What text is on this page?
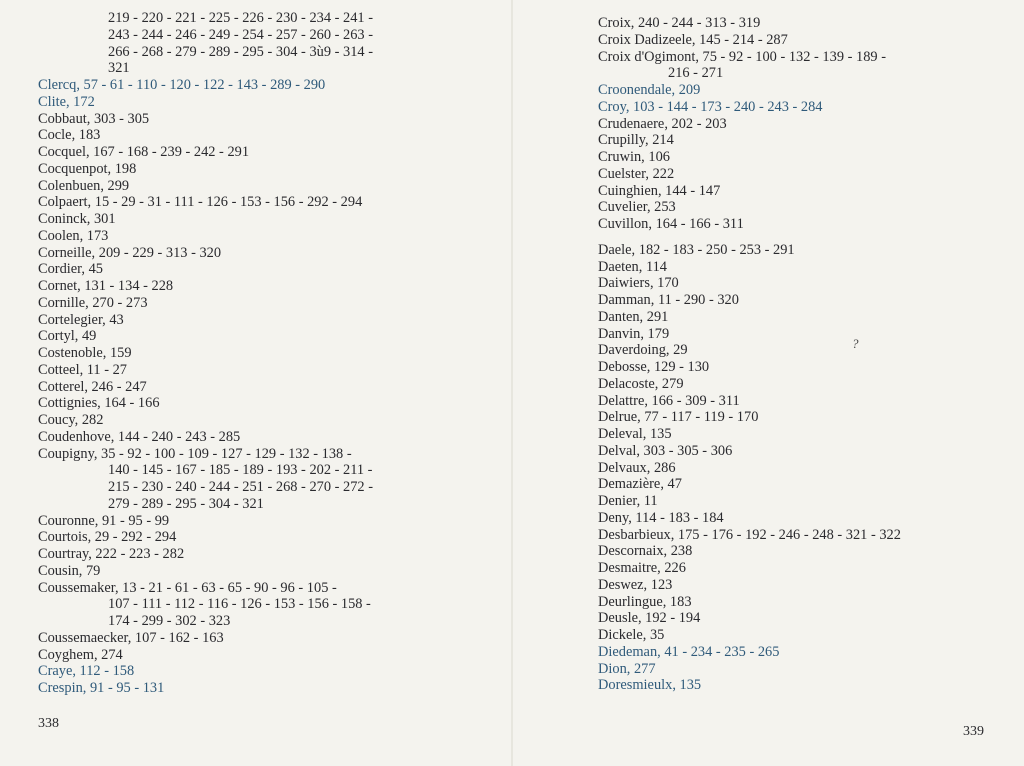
219 - 220 - 221 - 225 - 226 - 230 - 234 - 241 -
243 - 244 - 246 - 249 - 254 - 257 - 260 - 263 -
266 - 268 - 279 - 289 - 295 - 304 - 3ù9 - 314 -
321
Clercq, 57 - 61 - 110 - 120 - 122 - 143 - 289 - 290
Clite, 172
Cobbaut, 303 - 305
Cocle, 183
Cocquel, 167 - 168 - 239 - 242 - 291
Cocquenpot, 198
Colenbuen, 299
Colpaert, 15 - 29 - 31 - 111 - 126 - 153 - 156 - 292 - 294
Coninck, 301
Coolen, 173
Corneille, 209 - 229 - 313 - 320
Cordier, 45
Cornet, 131 - 134 - 228
Cornille, 270 - 273
Cortelegier, 43
Cortyl, 49
Costenoble, 159
Cotteel, 11 - 27
Cotterel, 246 - 247
Cottignies, 164 - 166
Coucy, 282
Coudenhove, 144 - 240 - 243 - 285
Coupigny, 35 - 92 - 100 - 109 - 127 - 129 - 132 - 138 -
140 - 145 - 167 - 185 - 189 - 193 - 202 - 211 -
215 - 230 - 240 - 244 - 251 - 268 - 270 - 272 -
279 - 289 - 295 - 304 - 321
Couronne, 91 - 95 - 99
Courtois, 29 - 292 - 294
Courtray, 222 - 223 - 282
Cousin, 79
Coussemaker, 13 - 21 - 61 - 63 - 65 - 90 - 96 - 105 -
107 - 111 - 112 - 116 - 126 - 153 - 156 - 158 -
174 - 299 - 302 - 323
Coussemaecker, 107 - 162 - 163
Coyghem, 274
Craye, 112 - 158
Crespin, 91 - 95 - 131
338
Croix, 240 - 244 - 313 - 319
Croix Dadizeele, 145 - 214 - 287
Croix d'Ogimont, 75 - 92 - 100 - 132 - 139 - 189 -
216 - 271
Croonendale, 209
Croy, 103 - 144 - 173 - 240 - 243 - 284
Crudenaere, 202 - 203
Crupilly, 214
Cruwin, 106
Cuelster, 222
Cuinghien, 144 - 147
Cuvelier, 253
Cuvillon, 164 - 166 - 311
Daele, 182 - 183 - 250 - 253 - 291
Daeten, 114
Daiwiers, 170
Damman, 11 - 290 - 320
Danten, 291
Danvin, 179
Daverdoing, 29
Debosse, 129 - 130
Delacoste, 279
Delattre, 166 - 309 - 311
Delrue, 77 - 117 - 119 - 170
Deleval, 135
Delval, 303 - 305 - 306
Delvaux, 286
Demazière, 47
Denier, 11
Deny, 114 - 183 - 184
Desbarbieux, 175 - 176 - 192 - 246 - 248 - 321 - 322
Descornaix, 238
Desmaitre, 226
Deswez, 123
Deurlingue, 183
Deusle, 192 - 194
Dickele, 35
Diedeman, 41 - 234 - 235 - 265
Dion, 277
Doresmieulx, 135
339
?
